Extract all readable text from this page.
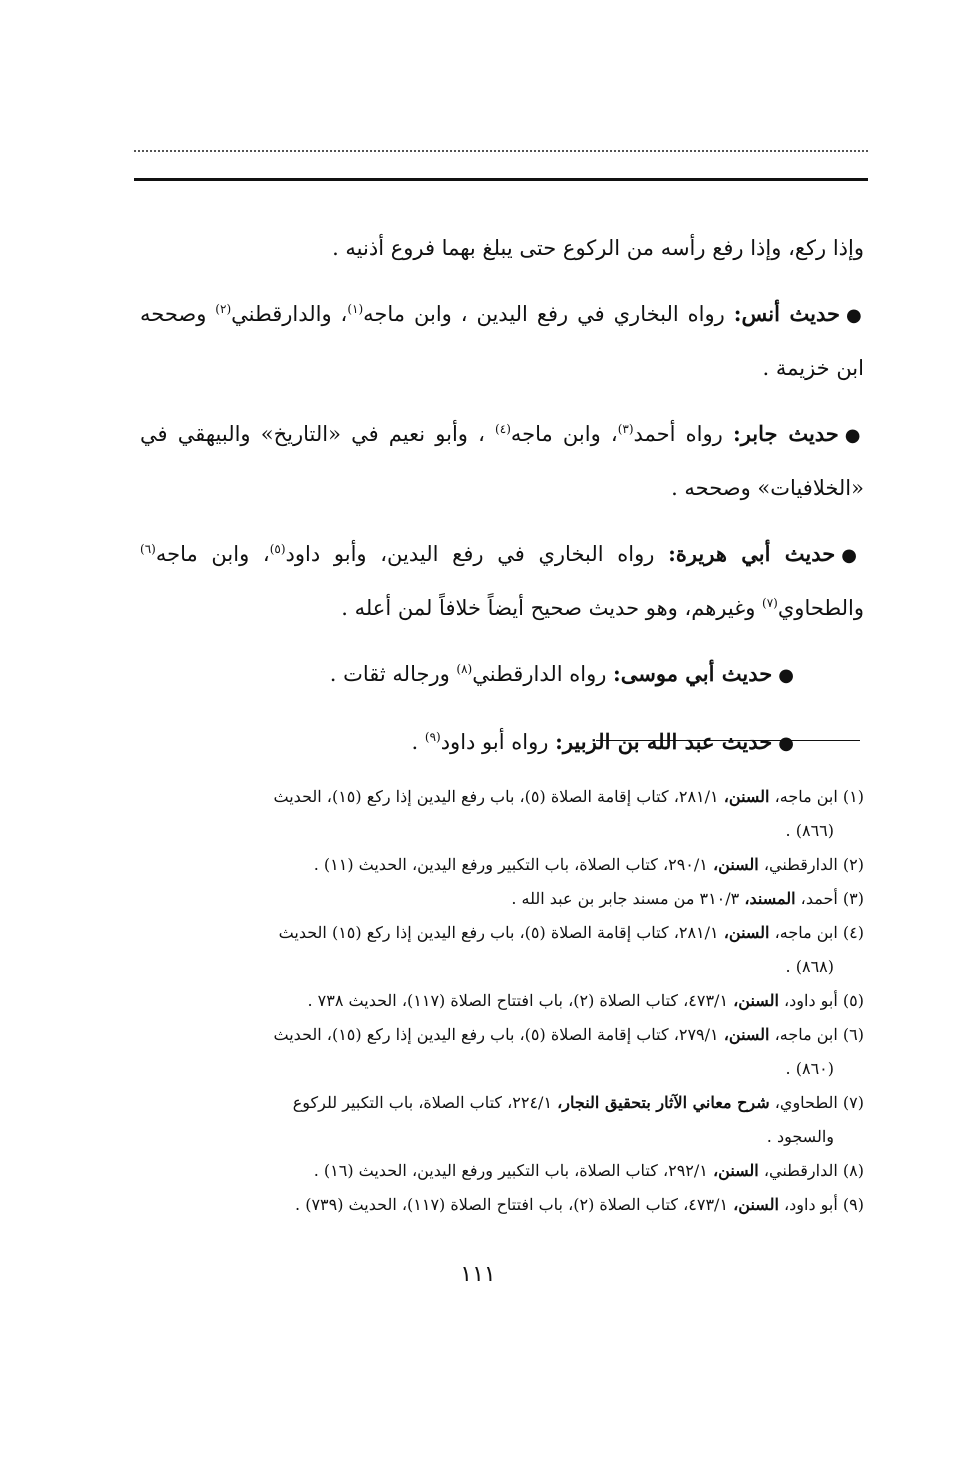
وإذا ركع، وإذا رفع رأسه من الركوع حتى يبلغ بهما فروع أذنيه .

●حديث أنس: رواه البخاري في رفع اليدين ، وابن ماجه$^{(١)}$، والدارقطني$^{(٢)}$ وصححه ابن خزيمة .

●حديث جابر: رواه أحمد$^{(٣)}$، وابن ماجه$^{(٤)}$ ، وأبو نعيم في «التاريخ» والبيهقي في «الخلافيات» وصححه .

●حديث أبي هريرة: رواه البخاري في رفع اليدين، وأبو داود$^{(٥)}$، وابن ماجه$^{(٦)}$ والطحاوي$^{(٧)}$ وغيرهم، وهو حديث صحيح أيضاً خلافاً لمن أعله .

●حديث أبي موسى: رواه الدارقطني$^{(٨)}$ ورجاله ثقات .

●حديث عبد الله بن الزبير: رواه أبو داود$^{(٩)}$ .

(١) ابن ماجه، السنن، ٢٨١/١، كتاب إقامة الصلاة (٥)، باب رفع اليدين إذا ركع (١٥)، الحديث
(٨٦٦) .

(٢) الدارقطني، السنن، ٢٩٠/١، كتاب الصلاة، باب التكبير ورفع اليدين، الحديث (١١) .

(٣) أحمد، المسند، ٣١٠/٣ من مسند جابر بن عبد الله .

(٤) ابن ماجه، السنن، ٢٨١/١، كتاب إقامة الصلاة (٥)، باب رفع اليدين إذا ركع (١٥) الحديث
(٨٦٨) .

(٥) أبو داود، السنن، ٤٧٣/١، كتاب الصلاة (٢)، باب افتتاح الصلاة (١١٧)، الحديث ٧٣٨ .

(٦) ابن ماجه، السنن، ٢٧٩/١، كتاب إقامة الصلاة (٥)، باب رفع اليدين إذا ركع (١٥)، الحديث
(٨٦٠) .

(٧) الطحاوي، شرح معاني الآثار بتحقيق النجار، ٢٢٤/١، كتاب الصلاة، باب التكبير للركوع
والسجود .

(٨) الدارقطني، السنن، ٢٩٢/١، كتاب الصلاة، باب التكبير ورفع اليدين، الحديث (١٦) .

(٩) أبو داود، السنن، ٤٧٣/١، كتاب الصلاة (٢)، باب افتتاح الصلاة (١١٧)، الحديث (٧٣٩) .

١١١
